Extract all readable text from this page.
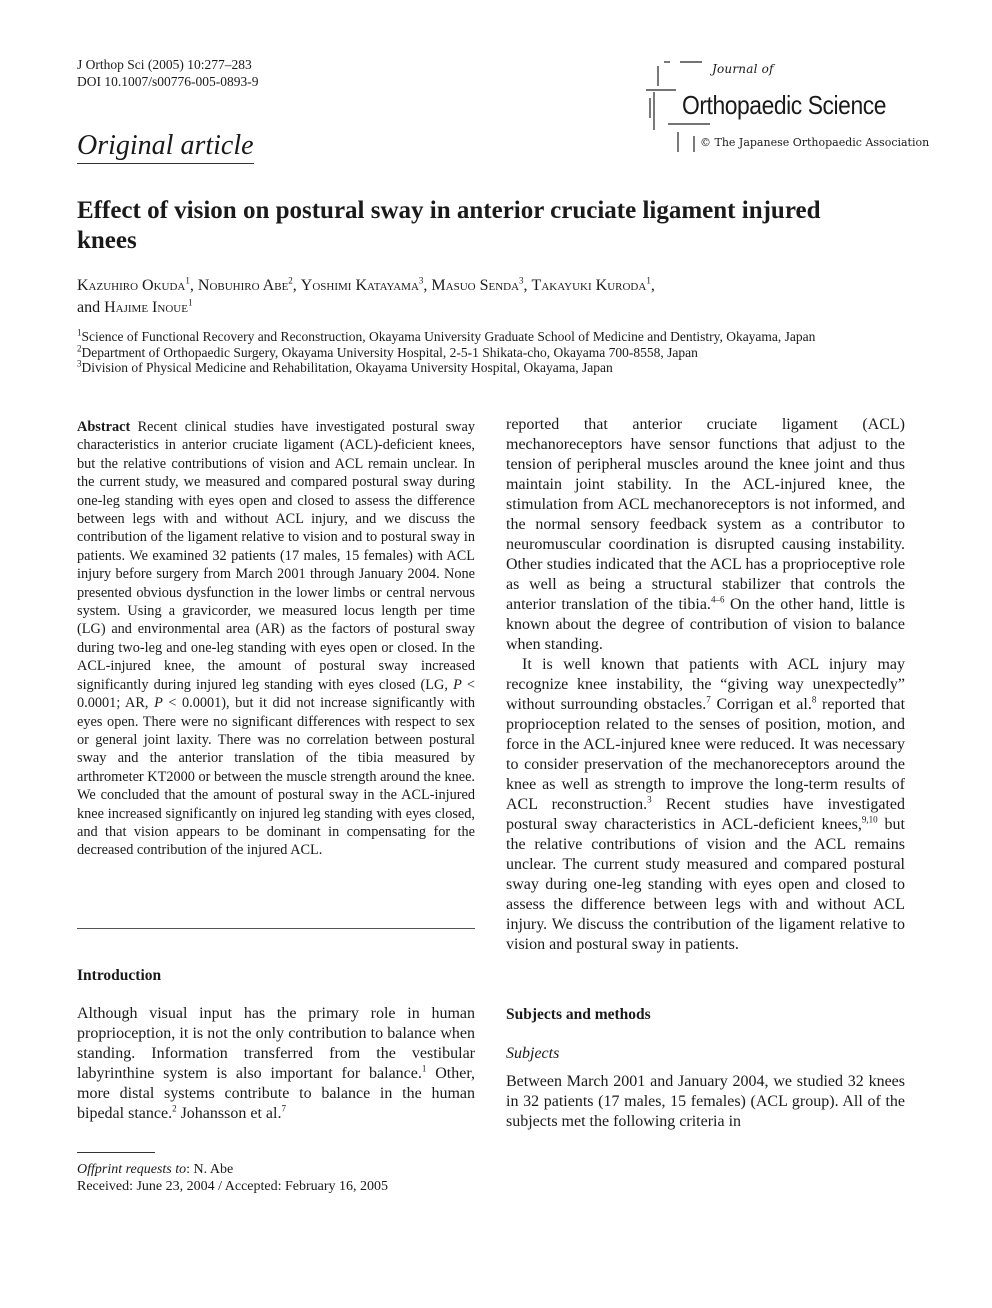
J Orthop Sci (2005) 10:277–283
DOI 10.1007/s00776-005-0893-9
Journal of
Orthopaedic Science
© The Japanese Orthopaedic Association
Original article
Effect of vision on postural sway in anterior cruciate ligament injured knees
Kazuhiro Okuda$^1$, Nobuhiro Abe$^2$, Yoshimi Katayama$^3$, Masuo Senda$^3$, Takayuki Kuroda$^1$,
and Hajime Inoue$^1$
$^1$Science of Functional Recovery and Reconstruction, Okayama University Graduate School of Medicine and Dentistry, Okayama, Japan
$^2$Department of Orthopaedic Surgery, Okayama University Hospital, 2-5-1 Shikata-cho, Okayama 700-8558, Japan
$^3$Division of Physical Medicine and Rehabilitation, Okayama University Hospital, Okayama, Japan

Abstract Recent clinical studies have investigated postural sway characteristics in anterior cruciate ligament (ACL)-deficient knees, but the relative contributions of vision and ACL remain unclear. In the current study, we measured and compared postural sway during one-leg standing with eyes open and closed to assess the difference between legs with and without ACL injury, and we discuss the contribution of the ligament relative to vision and to postural sway in patients. We examined 32 patients (17 males, 15 females) with ACL injury before surgery from March 2001 through January 2004. None presented obvious dysfunction in the lower limbs or central nervous system. Using a gravicorder, we measured locus length per time (LG) and environmental area (AR) as the factors of postural sway during two-leg and one-leg standing with eyes open or closed. In the ACL-injured knee, the amount of postural sway increased significantly during injured leg standing with eyes closed (LG, P < 0.0001; AR, P < 0.0001), but it did not increase significantly with eyes open. There were no significant differences with respect to sex or general joint laxity. There was no correlation between postural sway and the anterior translation of the tibia measured by arthrometer KT2000 or between the muscle strength around the knee. We concluded that the amount of postural sway in the ACL-injured knee increased significantly on injured leg standing with eyes closed, and that vision appears to be dominant in compensating for the decreased contribution of the injured ACL.

Introduction

Although visual input has the primary role in human proprioception, it is not the only contribution to balance when standing. Information transferred from the vestibular labyrinthine system is also important for balance.$^1$ Other, more distal systems contribute to balance in the human bipedal stance.$^2$ Johansson et al.$^7$

Offprint requests to: N. Abe
Received: June 23, 2004 / Accepted: February 16, 2005

reported that anterior cruciate ligament (ACL) mechanoreceptors have sensor functions that adjust to the tension of peripheral muscles around the knee joint and thus maintain joint stability. In the ACL-injured knee, the stimulation from ACL mechanoreceptors is not informed, and the normal sensory feedback system as a contributor to neuromuscular coordination is disrupted causing instability. Other studies indicated that the ACL has a proprioceptive role as well as being a structural stabilizer that controls the anterior translation of the tibia.$^{4-6}$ On the other hand, little is known about the degree of contribution of vision to balance when standing.

It is well known that patients with ACL injury may recognize knee instability, the “giving way unexpectedly” without surrounding obstacles.$^7$ Corrigan et al.$^8$ reported that proprioception related to the senses of position, motion, and force in the ACL-injured knee were reduced. It was necessary to consider preservation of the mechanoreceptors around the knee as well as strength to improve the long-term results of ACL reconstruction.$^3$ Recent studies have investigated postural sway characteristics in ACL-deficient knees,$^{9,10}$ but the relative contributions of vision and the ACL remains unclear. The current study measured and compared postural sway during one-leg standing with eyes open and closed to assess the difference between legs with and without ACL injury. We discuss the contribution of the ligament relative to vision and postural sway in patients.

Subjects and methods
Subjects

Between March 2001 and January 2004, we studied 32 knees in 32 patients (17 males, 15 females) (ACL group). All of the subjects met the following criteria in
